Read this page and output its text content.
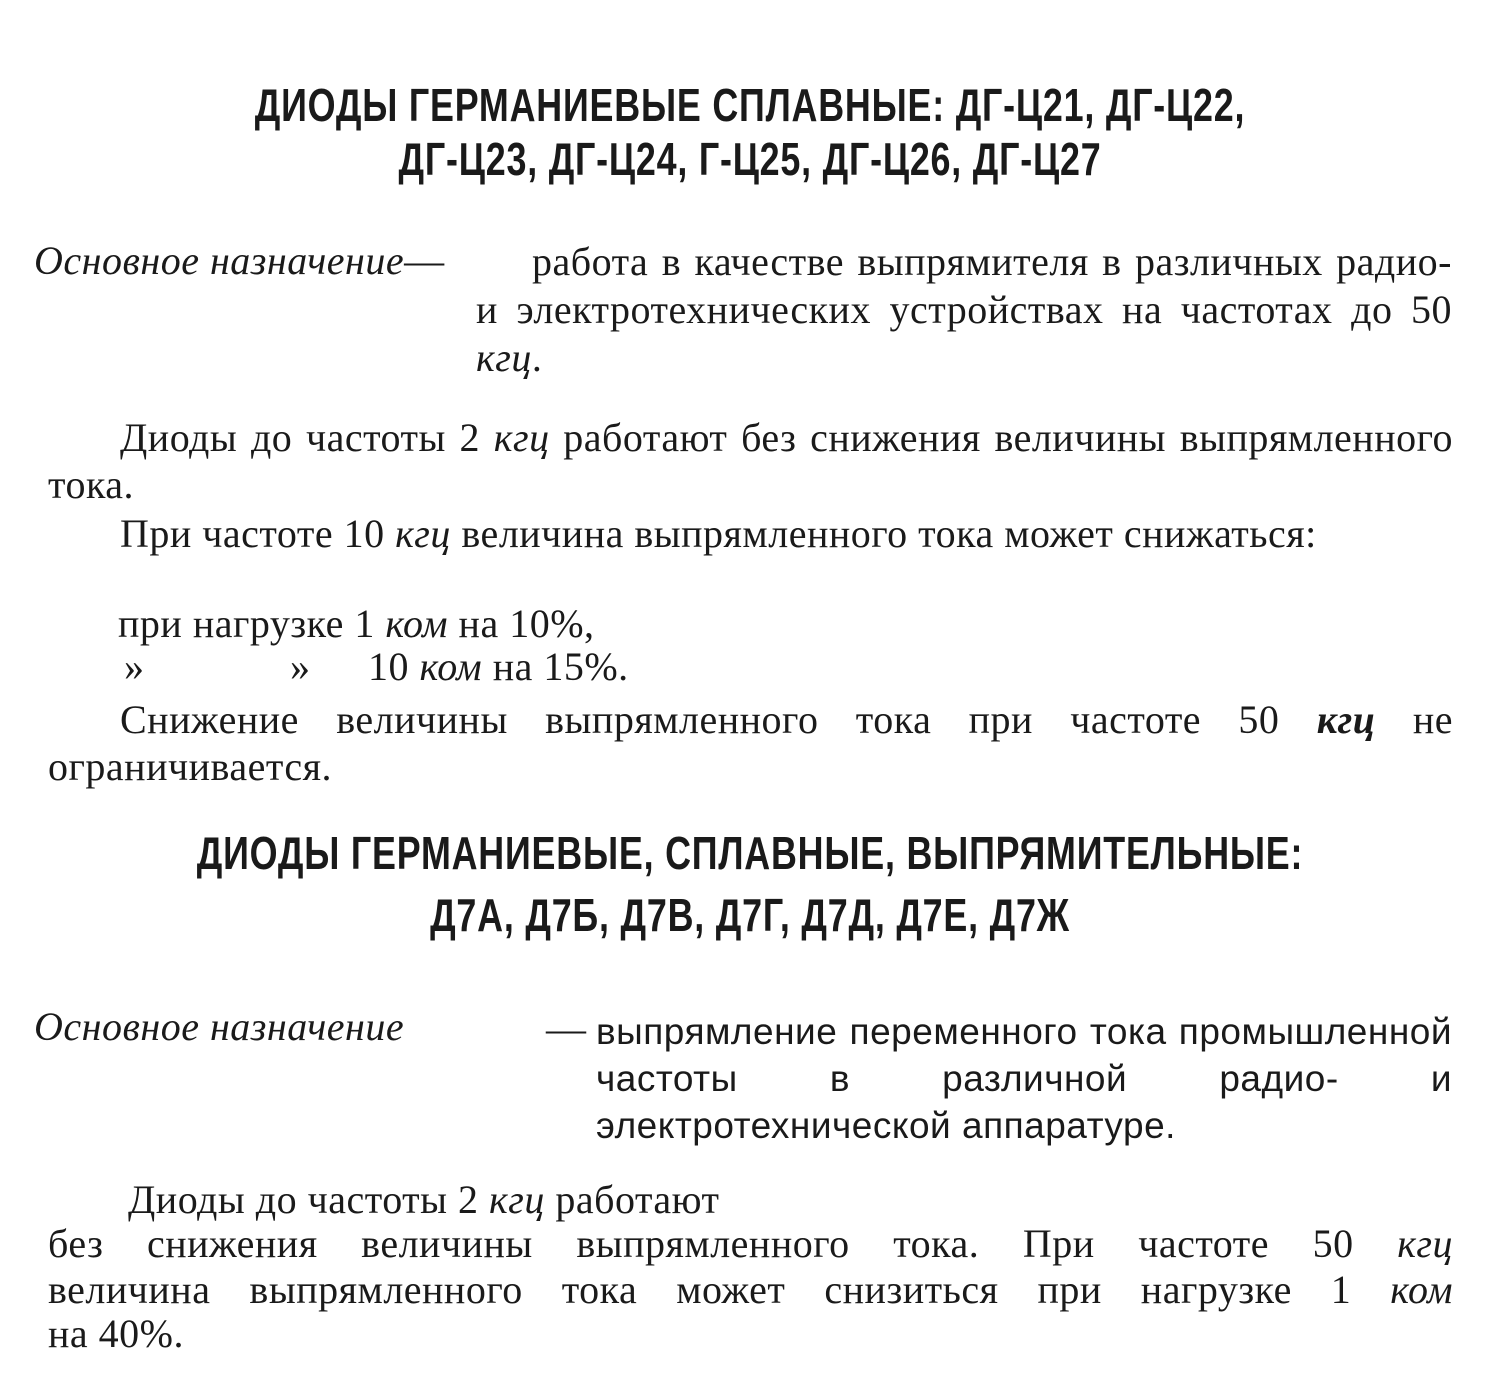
ДИОДЫ ГЕРМАНИЕВЫЕ СПЛАВНЫЕ: ДГ-Ц21, ДГ-Ц22,
ДГ-Ц23, ДГ-Ц24, Г-Ц25, ДГ-Ц26, ДГ-Ц27
Основное назначение—	работа в качестве выпрямителя в различных радио- и электротехнических устройствах на частотах до 50 кгц.
Диоды до частоты 2 кгц работают без снижения величины выпрямленного тока.
При частоте 10 кгц величина выпрямленного тока может снижаться:
при нагрузке 1 ком на 10%,
»	» 10 ком на 15%.
Снижение величины выпрямленного тока при частоте 50 кгц не ограничивается.
ДИОДЫ ГЕРМАНИЕВЫЕ, СПЛАВНЫЕ, ВЫПРЯМИТЕЛЬНЫЕ:
Д7А, Д7Б, Д7В, Д7Г, Д7Д, Д7Е, Д7Ж
Основное назначение	— выпрямление переменного тока промышленной частоты в различной радио- и электротехнической аппаратуре.
Диоды до частоты 2 кгц работают
без снижения величины выпрямленного тока. При частоте 50 кгц
величина выпрямленного тока может снизиться при нагрузке 1 ком
на 40%.
